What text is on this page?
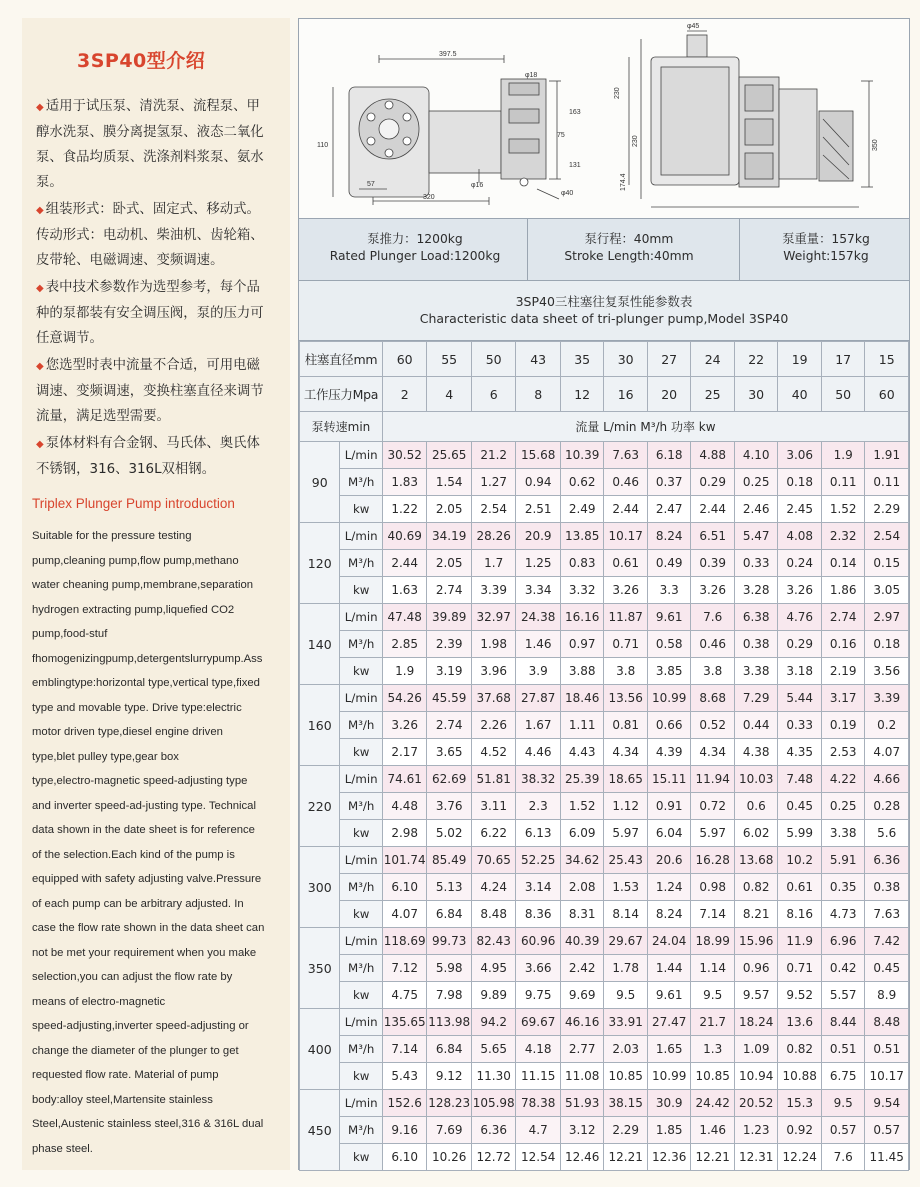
3SP40型介绍
◆ 适用于试压泵、清洗泵、流程泵、甲
醇水洗泵、膜分离提氢泵、液态二氧化
泵、食品均质泵、洗涤剂料浆泵、氨水
泵。
◆ 组装形式：卧式、固定式、移动式。
传动形式：电动机、柴油机、齿轮箱、
皮带轮、电磁调速、变频调速。
◆ 表中技术参数作为选型参考，每个品
种的泵都装有安全调压阀，泵的压力可
任意调节。
◆ 您选型时表中流量不合适，可用电磁
调速、变频调速，变换柱塞直径来调节
流量，满足选型需要。
◆ 泵体材料有合金钢、马氏体、奥氏体
不锈钢，316、316L双相钢。
Triplex Plunger Pump introduction
Suitable for the pressure testing
pump,cleaning pump,flow pump,methano
water cheaning pump,membrane,separation
hydrogen extracting pump,liquefied CO2
pump,food-stuf
fhomogenizingpump,detergentslurrypump.Ass
emblingtype:horizontal type,vertical type,fixed
type and movable type. Drive type:electric
motor driven type,diesel engine driven
type,blet pulley type,gear box
type,electro-magnetic speed-adjusting type
and inverter speed-ad-justing type. Technical
data shown in the date sheet is for reference
of the selection.Each kind of the pump is
equipped with safety adjusting valve.Pressure
of each pump can be arbitrary adjusted. In
case the flow rate shown in the data sheet can
not be met your requirement when you make
selection,you can adjust the flow rate by
means of electro-magnetic
speed-adjusting,inverter speed-adjusting or
change the diameter of the plunger to get
requested flow rate. Material of pump
body:alloy steel,Martensite stainless
Steel,Austenic stainless steel,316 & 316L dual
phase steel.
397.5
φ18
163
75
131
110
57	φ16
320
φ40
φ45
230
230
174.4
350
泵推力：1200kg
Rated Plunger Load:1200kg
泵行程：40mm
Stroke Length:40mm
泵重量：157kg
Weight:157kg
3SP40三柱塞往复泵性能参数表
Characteristic data sheet of tri-plunger pump,Model 3SP40
柱塞直径mm		60	55	50	43	35	30	27	24	22	19	17	15
工作压力Mpa		2	4	6	8	12	16	20	25	30	40	50	60
泵转速min		流量 L/min M³/h 功率 kw											
90	L/min	30.52	25.65	21.2	15.68	10.39	7.63	6.18	4.88	4.10	3.06	1.9	1.91
	M³/h	1.83	1.54	1.27	0.94	0.62	0.46	0.37	0.29	0.25	0.18	0.11	0.11
	kw	1.22	2.05	2.54	2.51	2.49	2.44	2.47	2.44	2.46	2.45	1.52	2.29
120	L/min	40.69	34.19	28.26	20.9	13.85	10.17	8.24	6.51	5.47	4.08	2.32	2.54
	M³/h	2.44	2.05	1.7	1.25	0.83	0.61	0.49	0.39	0.33	0.24	0.14	0.15
	kw	1.63	2.74	3.39	3.34	3.32	3.26	3.3	3.26	3.28	3.26	1.86	3.05
140	L/min	47.48	39.89	32.97	24.38	16.16	11.87	9.61	7.6	6.38	4.76	2.74	2.97
	M³/h	2.85	2.39	1.98	1.46	0.97	0.71	0.58	0.46	0.38	0.29	0.16	0.18
	kw	1.9	3.19	3.96	3.9	3.88	3.8	3.85	3.8	3.38	3.18	2.19	3.56
160	L/min	54.26	45.59	37.68	27.87	18.46	13.56	10.99	8.68	7.29	5.44	3.17	3.39
	M³/h	3.26	2.74	2.26	1.67	1.11	0.81	0.66	0.52	0.44	0.33	0.19	0.2
	kw	2.17	3.65	4.52	4.46	4.43	4.34	4.39	4.34	4.38	4.35	2.53	4.07
220	L/min	74.61	62.69	51.81	38.32	25.39	18.65	15.11	11.94	10.03	7.48	4.22	4.66
	M³/h	4.48	3.76	3.11	2.3	1.52	1.12	0.91	0.72	0.6	0.45	0.25	0.28
	kw	2.98	5.02	6.22	6.13	6.09	5.97	6.04	5.97	6.02	5.99	3.38	5.6
300	L/min	101.74	85.49	70.65	52.25	34.62	25.43	20.6	16.28	13.68	10.2	5.91	6.36
	M³/h	6.10	5.13	4.24	3.14	2.08	1.53	1.24	0.98	0.82	0.61	0.35	0.38
	kw	4.07	6.84	8.48	8.36	8.31	8.14	8.24	7.14	8.21	8.16	4.73	7.63
350	L/min	118.69	99.73	82.43	60.96	40.39	29.67	24.04	18.99	15.96	11.9	6.96	7.42
	M³/h	7.12	5.98	4.95	3.66	2.42	1.78	1.44	1.14	0.96	0.71	0.42	0.45
	kw	4.75	7.98	9.89	9.75	9.69	9.5	9.61	9.5	9.57	9.52	5.57	8.9
400	L/min	135.65	113.98	94.2	69.67	46.16	33.91	27.47	21.7	18.24	13.6	8.44	8.48
	M³/h	7.14	6.84	5.65	4.18	2.77	2.03	1.65	1.3	1.09	0.82	0.51	0.51
	kw	5.43	9.12	11.30	11.15	11.08	10.85	10.99	10.85	10.94	10.88	6.75	10.17
450	L/min	152.6	128.23	105.98	78.38	51.93	38.15	30.9	24.42	20.52	15.3	9.5	9.54
	M³/h	9.16	7.69	6.36	4.7	3.12	2.29	1.85	1.46	1.23	0.92	0.57	0.57
	kw	6.10	10.26	12.72	12.54	12.46	12.21	12.36	12.21	12.31	12.24	7.6	11.45
